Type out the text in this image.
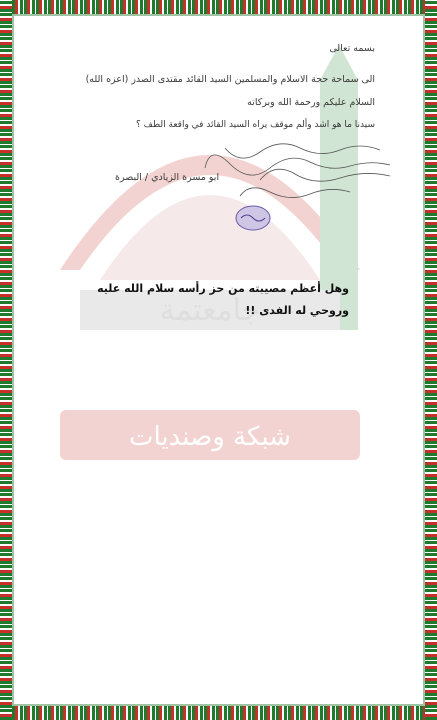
جامعتمة
شبكة وصنديات

بسمه تعالى

الى سماحة حجة الاسلام والمسلمين السيد القائد مقتدى الصدر (اعزه الله)

السلام عليكم ورحمة الله وبركاته

سيدنا ما هو اشد وألم موقف يراه السيد القائد في واقعة الطف ؟

ابو مسرة الزيادي / البصرة

وهل أعظم مصيبته من حز رأسه سلام الله عليه

وروحي له الفدى !!
